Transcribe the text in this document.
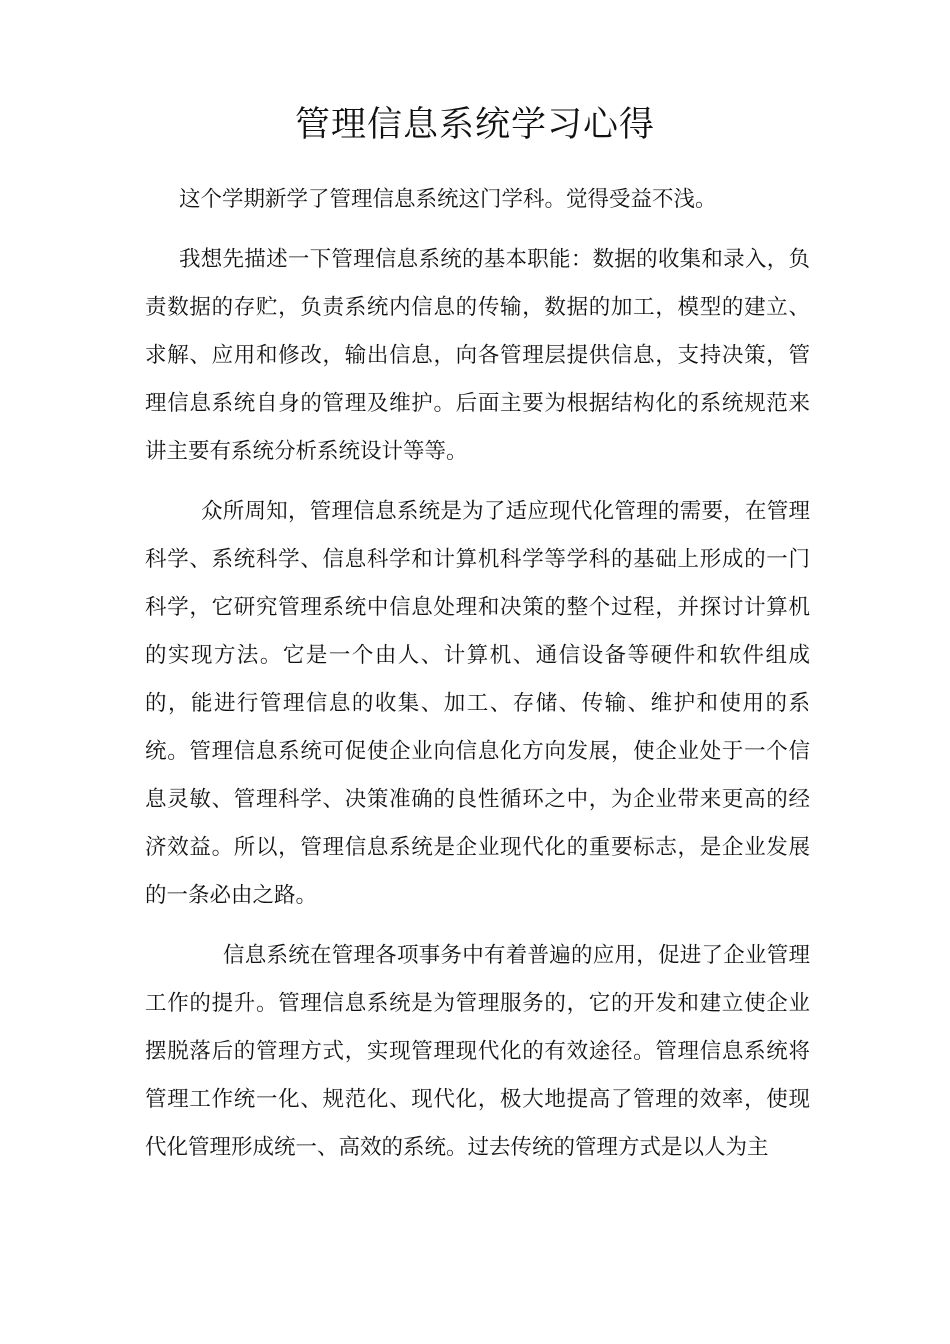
管理信息系统学习心得

这个学期新学了管理信息系统这门学科。觉得受益不浅。

我想先描述一下管理信息系统的基本职能：数据的收集和录入，负责数据的存贮，负责系统内信息的传输，数据的加工，模型的建立、求解、应用和修改，输出信息，向各管理层提供信息，支持决策，管理信息系统自身的管理及维护。后面主要为根据结构化的系统规范来讲主要有系统分析系统设计等等。

众所周知，管理信息系统是为了适应现代化管理的需要，在管理科学、系统科学、信息科学和计算机科学等学科的基础上形成的一门科学，它研究管理系统中信息处理和决策的整个过程，并探讨计算机的实现方法。它是一个由人、计算机、通信设备等硬件和软件组成的，能进行管理信息的收集、加工、存储、传输、维护和使用的系统。管理信息系统可促使企业向信息化方向发展，使企业处于一个信息灵敏、管理科学、决策准确的良性循环之中，为企业带来更高的经济效益。所以，管理信息系统是企业现代化的重要标志，是企业发展的一条必由之路。

信息系统在管理各项事务中有着普遍的应用，促进了企业管理工作的提升。管理信息系统是为管理服务的，它的开发和建立使企业摆脱落后的管理方式，实现管理现代化的有效途径。管理信息系统将管理工作统一化、规范化、现代化，极大地提高了管理的效率，使现代化管理形成统一、高效的系统。过去传统的管理方式是以人为主
